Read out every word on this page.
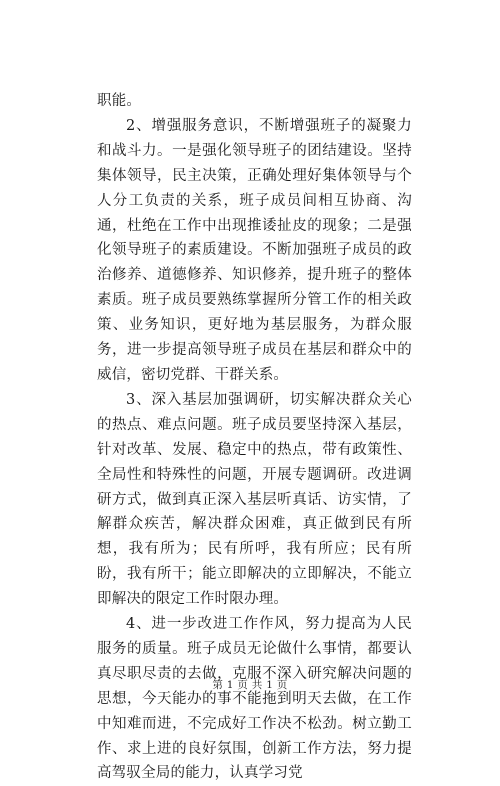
职能。

2、增强服务意识，不断增强班子的凝聚力和战斗力。一是强化领导班子的团结建设。坚持集体领导，民主决策，正确处理好集体领导与个人分工负责的关系，班子成员间相互协商、沟通，杜绝在工作中出现推诿扯皮的现象；二是强化领导班子的素质建设。不断加强班子成员的政治修养、道德修养、知识修养，提升班子的整体素质。班子成员要熟练掌握所分管工作的相关政策、业务知识，更好地为基层服务，为群众服务，进一步提高领导班子成员在基层和群众中的威信，密切党群、干群关系。

3、深入基层加强调研，切实解决群众关心的热点、难点问题。班子成员要坚持深入基层，针对改革、发展、稳定中的热点，带有政策性、全局性和特殊性的问题，开展专题调研。改进调研方式，做到真正深入基层听真话、访实情，了解群众疾苦，解决群众困难，真正做到民有所想，我有所为；民有所呼，我有所应；民有所盼，我有所干；能立即解决的立即解决，不能立即解决的限定工作时限办理。

4、进一步改进工作作风，努力提高为人民服务的质量。班子成员无论做什么事情，都要认真尽职尽责的去做，克服不深入研究解决问题的思想，今天能办的事不能拖到明天去做，在工作中知难而进，不完成好工作决不松劲。树立勤工作、求上进的良好氛围，创新工作方法，努力提高驾驭全局的能力，认真学习党

第 1 页 共 1 页
